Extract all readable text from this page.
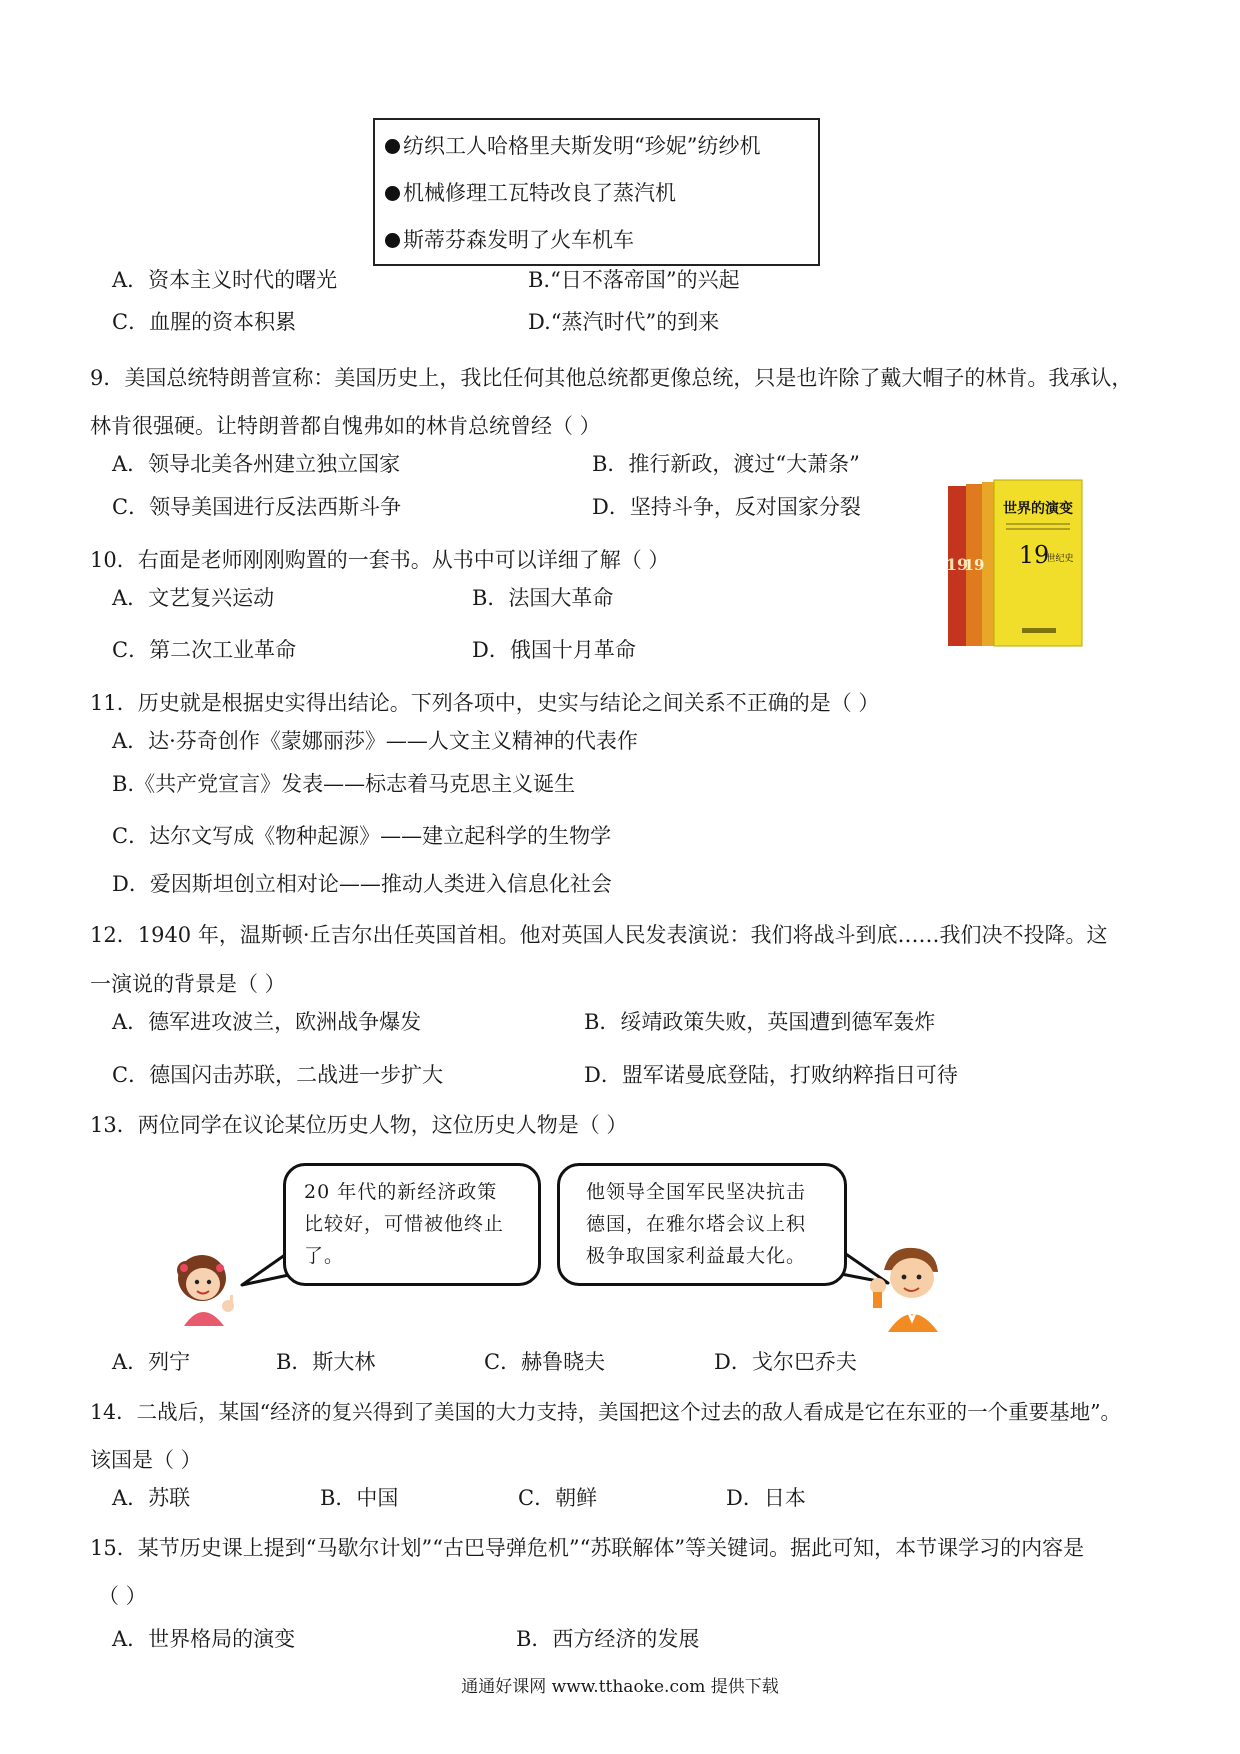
纺织工人哈格里夫斯发明“珍妮”纺纱机
机械修理工瓦特改良了蒸汽机
斯蒂芬森发明了火车机车
A．资本主义时代的曙光	B.“日不落帝国”的兴起
C．血腥的资本积累	D.“蒸汽时代”的到来
9．美国总统特朗普宣称：美国历史上，我比任何其他总统都更像总统，只是也许除了戴大帽子的林肯。我承认，
林肯很强硬。让特朗普都自愧弗如的林肯总统曾经（ ）
A．领导北美各州建立独立国家	B．推行新政，渡过“大萧条”
C．领导美国进行反法西斯斗争	D．坚持斗争，反对国家分裂
10．右面是老师刚刚购置的一套书。从书中可以详细了解（ ）
A．文艺复兴运动	B．法国大革命
C．第二次工业革命	D．俄国十月革命
世界的演变
19
世纪史
19
19
11．历史就是根据史实得出结论。下列各项中，史实与结论之间关系不正确的是（ ）
A．达·芬奇创作《蒙娜丽莎》——人文主义精神的代表作
B.《共产党宣言》发表——标志着马克思主义诞生
C．达尔文写成《物种起源》——建立起科学的生物学
D．爱因斯坦创立相对论——推动人类进入信息化社会
12．1940 年，温斯顿·丘吉尔出任英国首相。他对英国人民发表演说：我们将战斗到底……我们决不投降。这
一演说的背景是（ ）
A．德军进攻波兰，欧洲战争爆发	B．绥靖政策失败，英国遭到德军轰炸
C．德国闪击苏联，二战进一步扩大	D．盟军诺曼底登陆，打败纳粹指日可待
13．两位同学在议论某位历史人物，这位历史人物是（ ）
20 年代的新经济政策
比较好，可惜被他终止
了。
他领导全国军民坚决抗击
德国，在雅尔塔会议上积
极争取国家利益最大化。
A．列宁	B．斯大林	C．赫鲁晓夫	D．戈尔巴乔夫
14．二战后，某国“经济的复兴得到了美国的大力支持，美国把这个过去的敌人看成是它在东亚的一个重要基地”。
该国是（ ）
A．苏联	B．中国	C．朝鲜	D．日本
15．某节历史课上提到“马歇尔计划”“古巴导弹危机”“苏联解体”等关键词。据此可知，本节课学习的内容是
（ ）
A．世界格局的演变	B．西方经济的发展
通通好课网 www.tthaoke.com 提供下载
